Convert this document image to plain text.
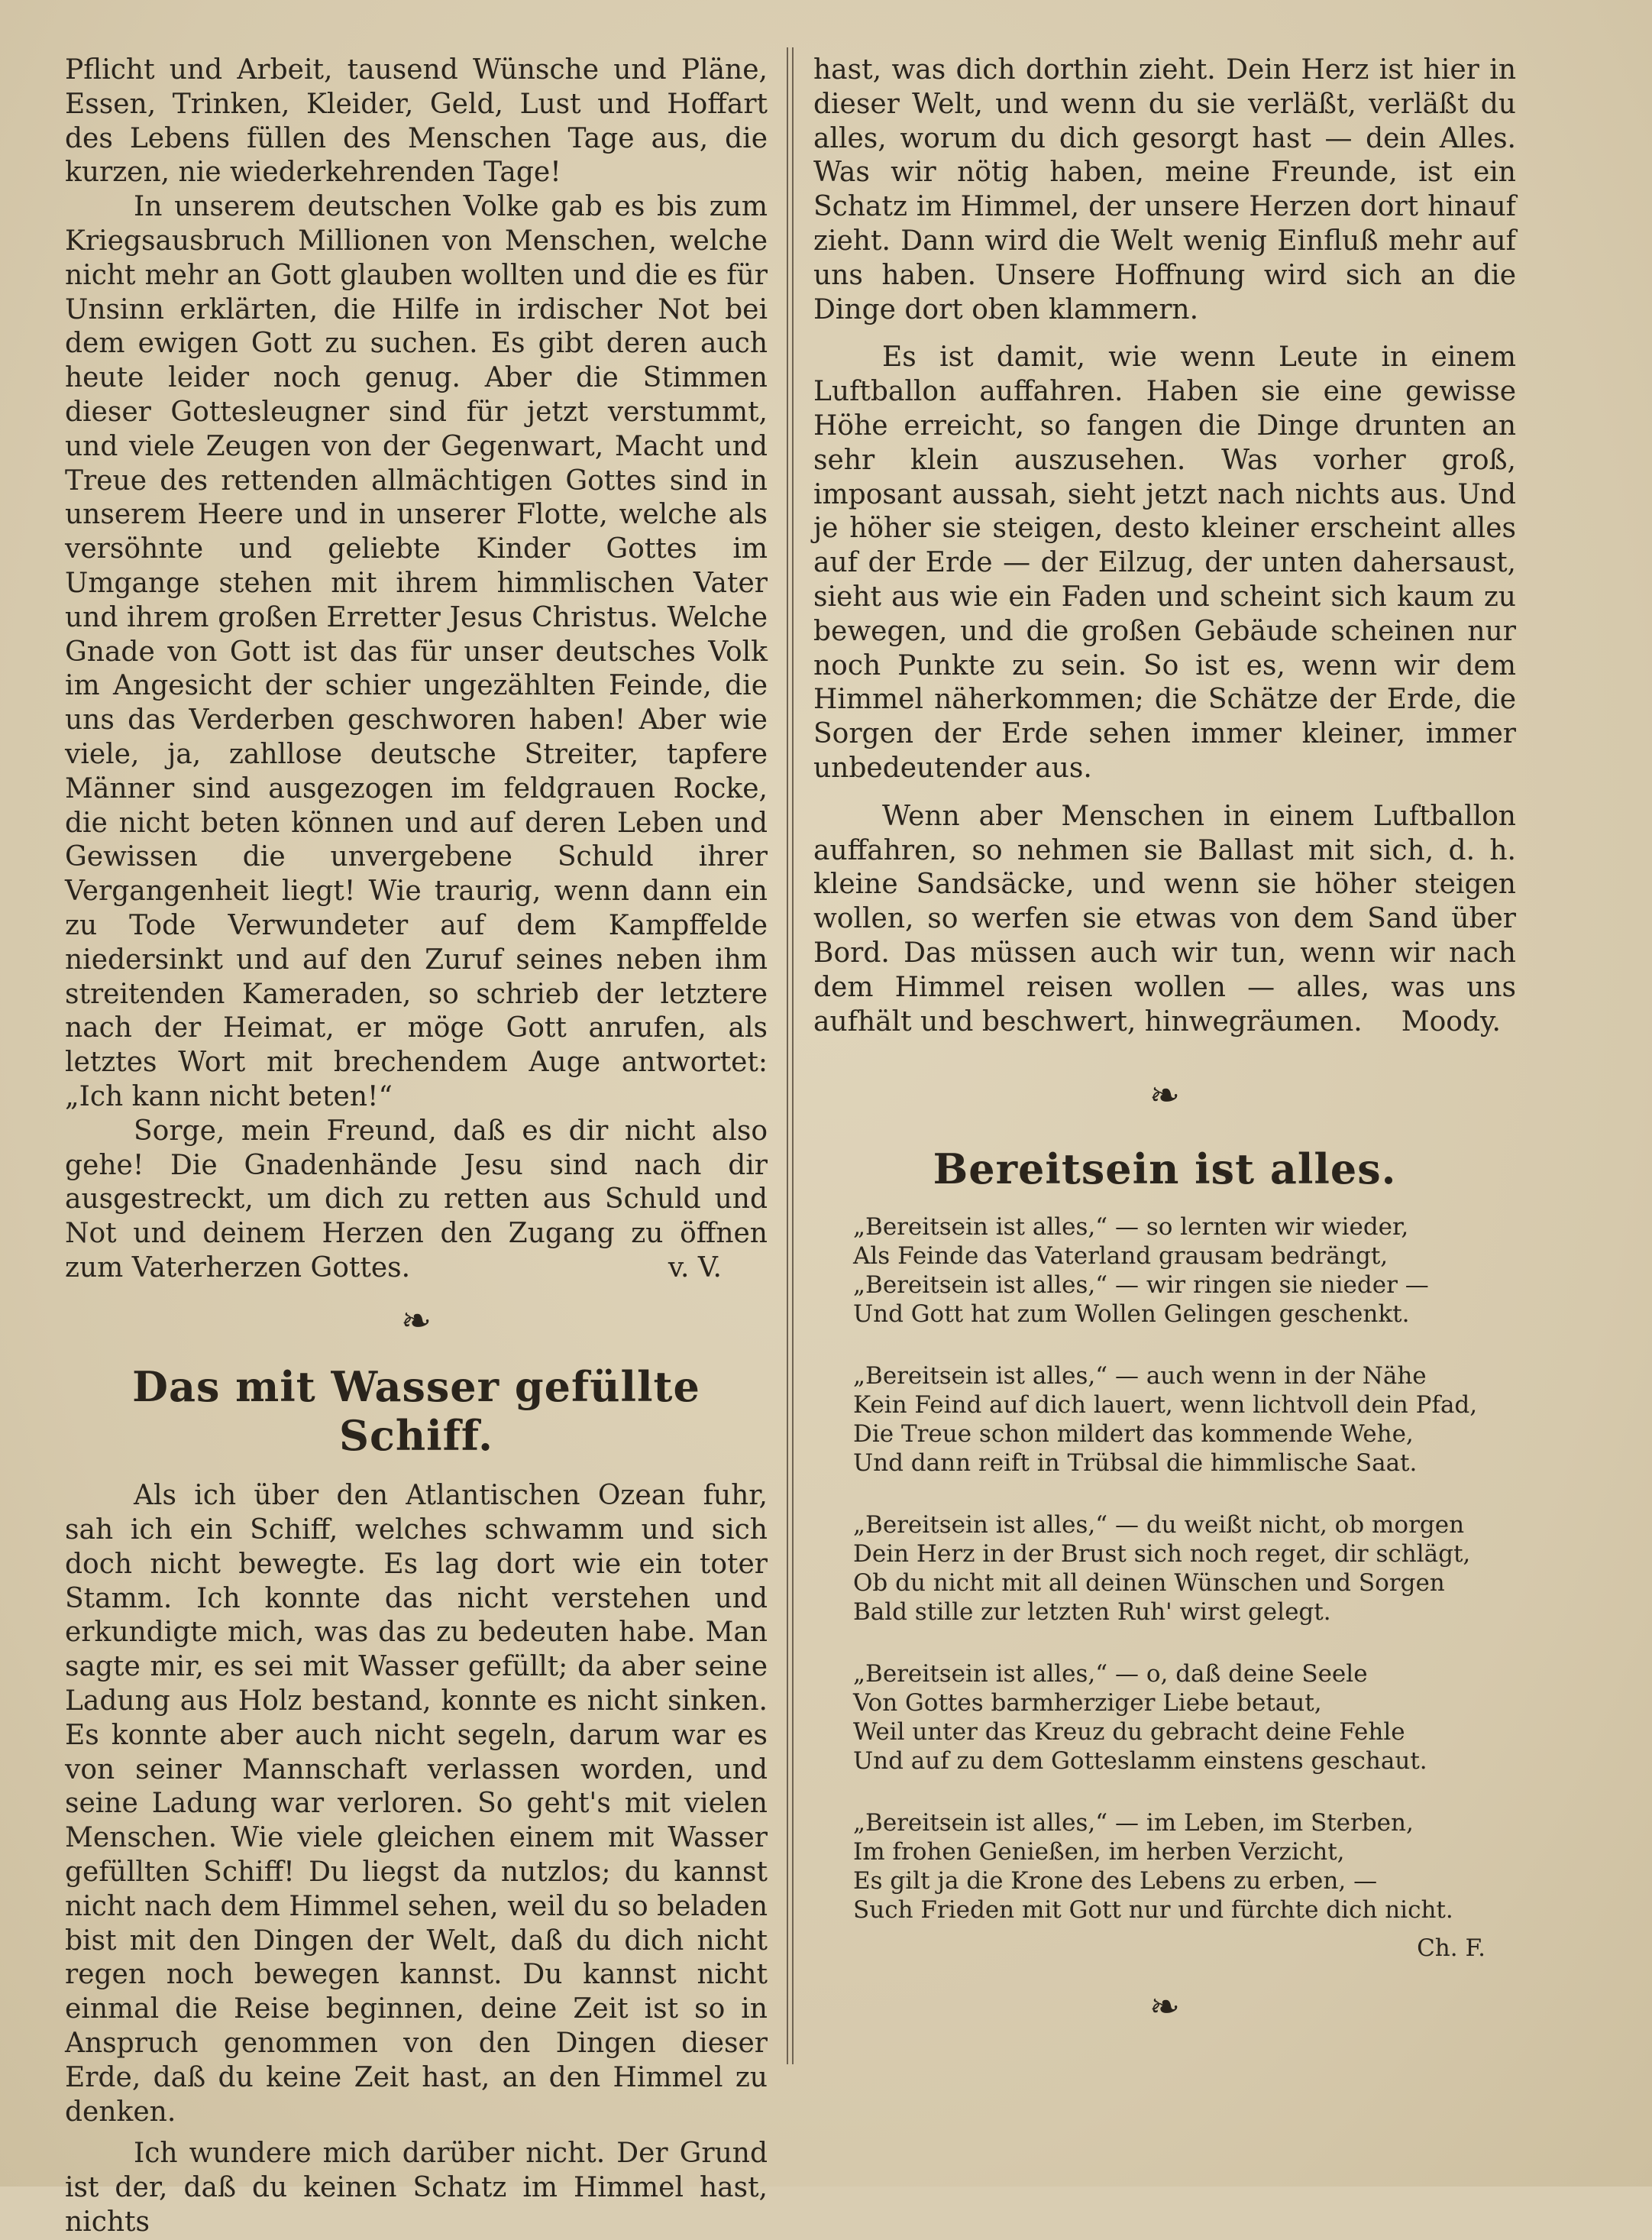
Pflicht und Arbeit, tausend Wünsche und Pläne, Essen, Trinken, Kleider, Geld, Lust und Hoffart des Lebens füllen des Menschen Tage aus, die kurzen, nie wiederkehrenden Tage!

In unserem deutschen Volke gab es bis zum Kriegsausbruch Millionen von Menschen, welche nicht mehr an Gott glauben wollten und die es für Unsinn erklärten, die Hilfe in irdischer Not bei dem ewigen Gott zu suchen. Es gibt deren auch heute leider noch genug. Aber die Stimmen dieser Gottesleugner sind für jetzt verstummt, und viele Zeugen von der Gegenwart, Macht und Treue des rettenden allmächtigen Gottes sind in unserem Heere und in unserer Flotte, welche als versöhnte und geliebte Kinder Gottes im Umgange stehen mit ihrem himmlischen Vater und ihrem großen Erretter Jesus Christus. Welche Gnade von Gott ist das für unser deutsches Volk im Angesicht der schier ungezählten Feinde, die uns das Verderben geschworen haben! Aber wie viele, ja, zahllose deutsche Streiter, tapfere Männer sind ausgezogen im feldgrauen Rocke, die nicht beten können und auf deren Leben und Gewissen die unvergebene Schuld ihrer Vergangenheit liegt! Wie traurig, wenn dann ein zu Tode Verwundeter auf dem Kampffelde niedersinkt und auf den Zuruf seines neben ihm streitenden Kameraden, so schrieb der letztere nach der Heimat, er möge Gott anrufen, als letztes Wort mit brechendem Auge antwortet: „Ich kann nicht beten!“

Sorge, mein Freund, daß es dir nicht also gehe! Die Gnadenhände Jesu sind nach dir ausgestreckt, um dich zu retten aus Schuld und Not und deinem Herzen den Zugang zu öffnen zum Vaterherzen Gottes.	v. V.

❧
Das mit Wasser gefüllte Schiff.

Als ich über den Atlantischen Ozean fuhr, sah ich ein Schiff, welches schwamm und sich doch nicht bewegte. Es lag dort wie ein toter Stamm. Ich konnte das nicht verstehen und erkundigte mich, was das zu bedeuten habe. Man sagte mir, es sei mit Wasser gefüllt; da aber seine Ladung aus Holz bestand, konnte es nicht sinken. Es konnte aber auch nicht segeln, darum war es von seiner Mannschaft verlassen worden, und seine Ladung war verloren. So geht's mit vielen Menschen. Wie viele gleichen einem mit Wasser gefüllten Schiff! Du liegst da nutzlos; du kannst nicht nach dem Himmel sehen, weil du so beladen bist mit den Dingen der Welt, daß du dich nicht regen noch bewegen kannst. Du kannst nicht einmal die Reise beginnen, deine Zeit ist so in Anspruch genommen von den Dingen dieser Erde, daß du keine Zeit hast, an den Himmel zu denken.

Ich wundere mich darüber nicht. Der Grund ist der, daß du keinen Schatz im Himmel hast, nichts

hast, was dich dorthin zieht. Dein Herz ist hier in dieser Welt, und wenn du sie verläßt, verläßt du alles, worum du dich gesorgt hast — dein Alles. Was wir nötig haben, meine Freunde, ist ein Schatz im Himmel, der unsere Herzen dort hinauf zieht. Dann wird die Welt wenig Einfluß mehr auf uns haben. Unsere Hoffnung wird sich an die Dinge dort oben klammern.

Es ist damit, wie wenn Leute in einem Luftballon auffahren. Haben sie eine gewisse Höhe erreicht, so fangen die Dinge drunten an sehr klein auszusehen. Was vorher groß, imposant aussah, sieht jetzt nach nichts aus. Und je höher sie steigen, desto kleiner erscheint alles auf der Erde — der Eilzug, der unten dahersaust, sieht aus wie ein Faden und scheint sich kaum zu bewegen, und die großen Gebäude scheinen nur noch Punkte zu sein. So ist es, wenn wir dem Himmel näherkommen; die Schätze der Erde, die Sorgen der Erde sehen immer kleiner, immer unbedeutender aus.

Wenn aber Menschen in einem Luftballon auffahren, so nehmen sie Ballast mit sich, d. h. kleine Sandsäcke, und wenn sie höher steigen wollen, so werfen sie etwas von dem Sand über Bord. Das müssen auch wir tun, wenn wir nach dem Himmel reisen wollen — alles, was uns aufhält und beschwert, hinwegräumen.	Moody.

❧
Bereitsein ist alles.
„Bereitsein ist alles,“ — so lernten wir wieder,
Als Feinde das Vaterland grausam bedrängt,
„Bereitsein ist alles,“ — wir ringen sie nieder —
Und Gott hat zum Wollen Gelingen geschenkt.
„Bereitsein ist alles,“ — auch wenn in der Nähe
Kein Feind auf dich lauert, wenn lichtvoll dein Pfad,
Die Treue schon mildert das kommende Wehe,
Und dann reift in Trübsal die himmlische Saat.
„Bereitsein ist alles,“ — du weißt nicht, ob morgen
Dein Herz in der Brust sich noch reget, dir schlägt,
Ob du nicht mit all deinen Wünschen und Sorgen
Bald stille zur letzten Ruh' wirst gelegt.
„Bereitsein ist alles,“ — o, daß deine Seele
Von Gottes barmherziger Liebe betaut,
Weil unter das Kreuz du gebracht deine Fehle
Und auf zu dem Gotteslamm einstens geschaut.
„Bereitsein ist alles,“ — im Leben, im Sterben,
Im frohen Genießen, im herben Verzicht,
Es gilt ja die Krone des Lebens zu erben, —
Such Frieden mit Gott nur und fürchte dich nicht.
Ch. F.
❧
